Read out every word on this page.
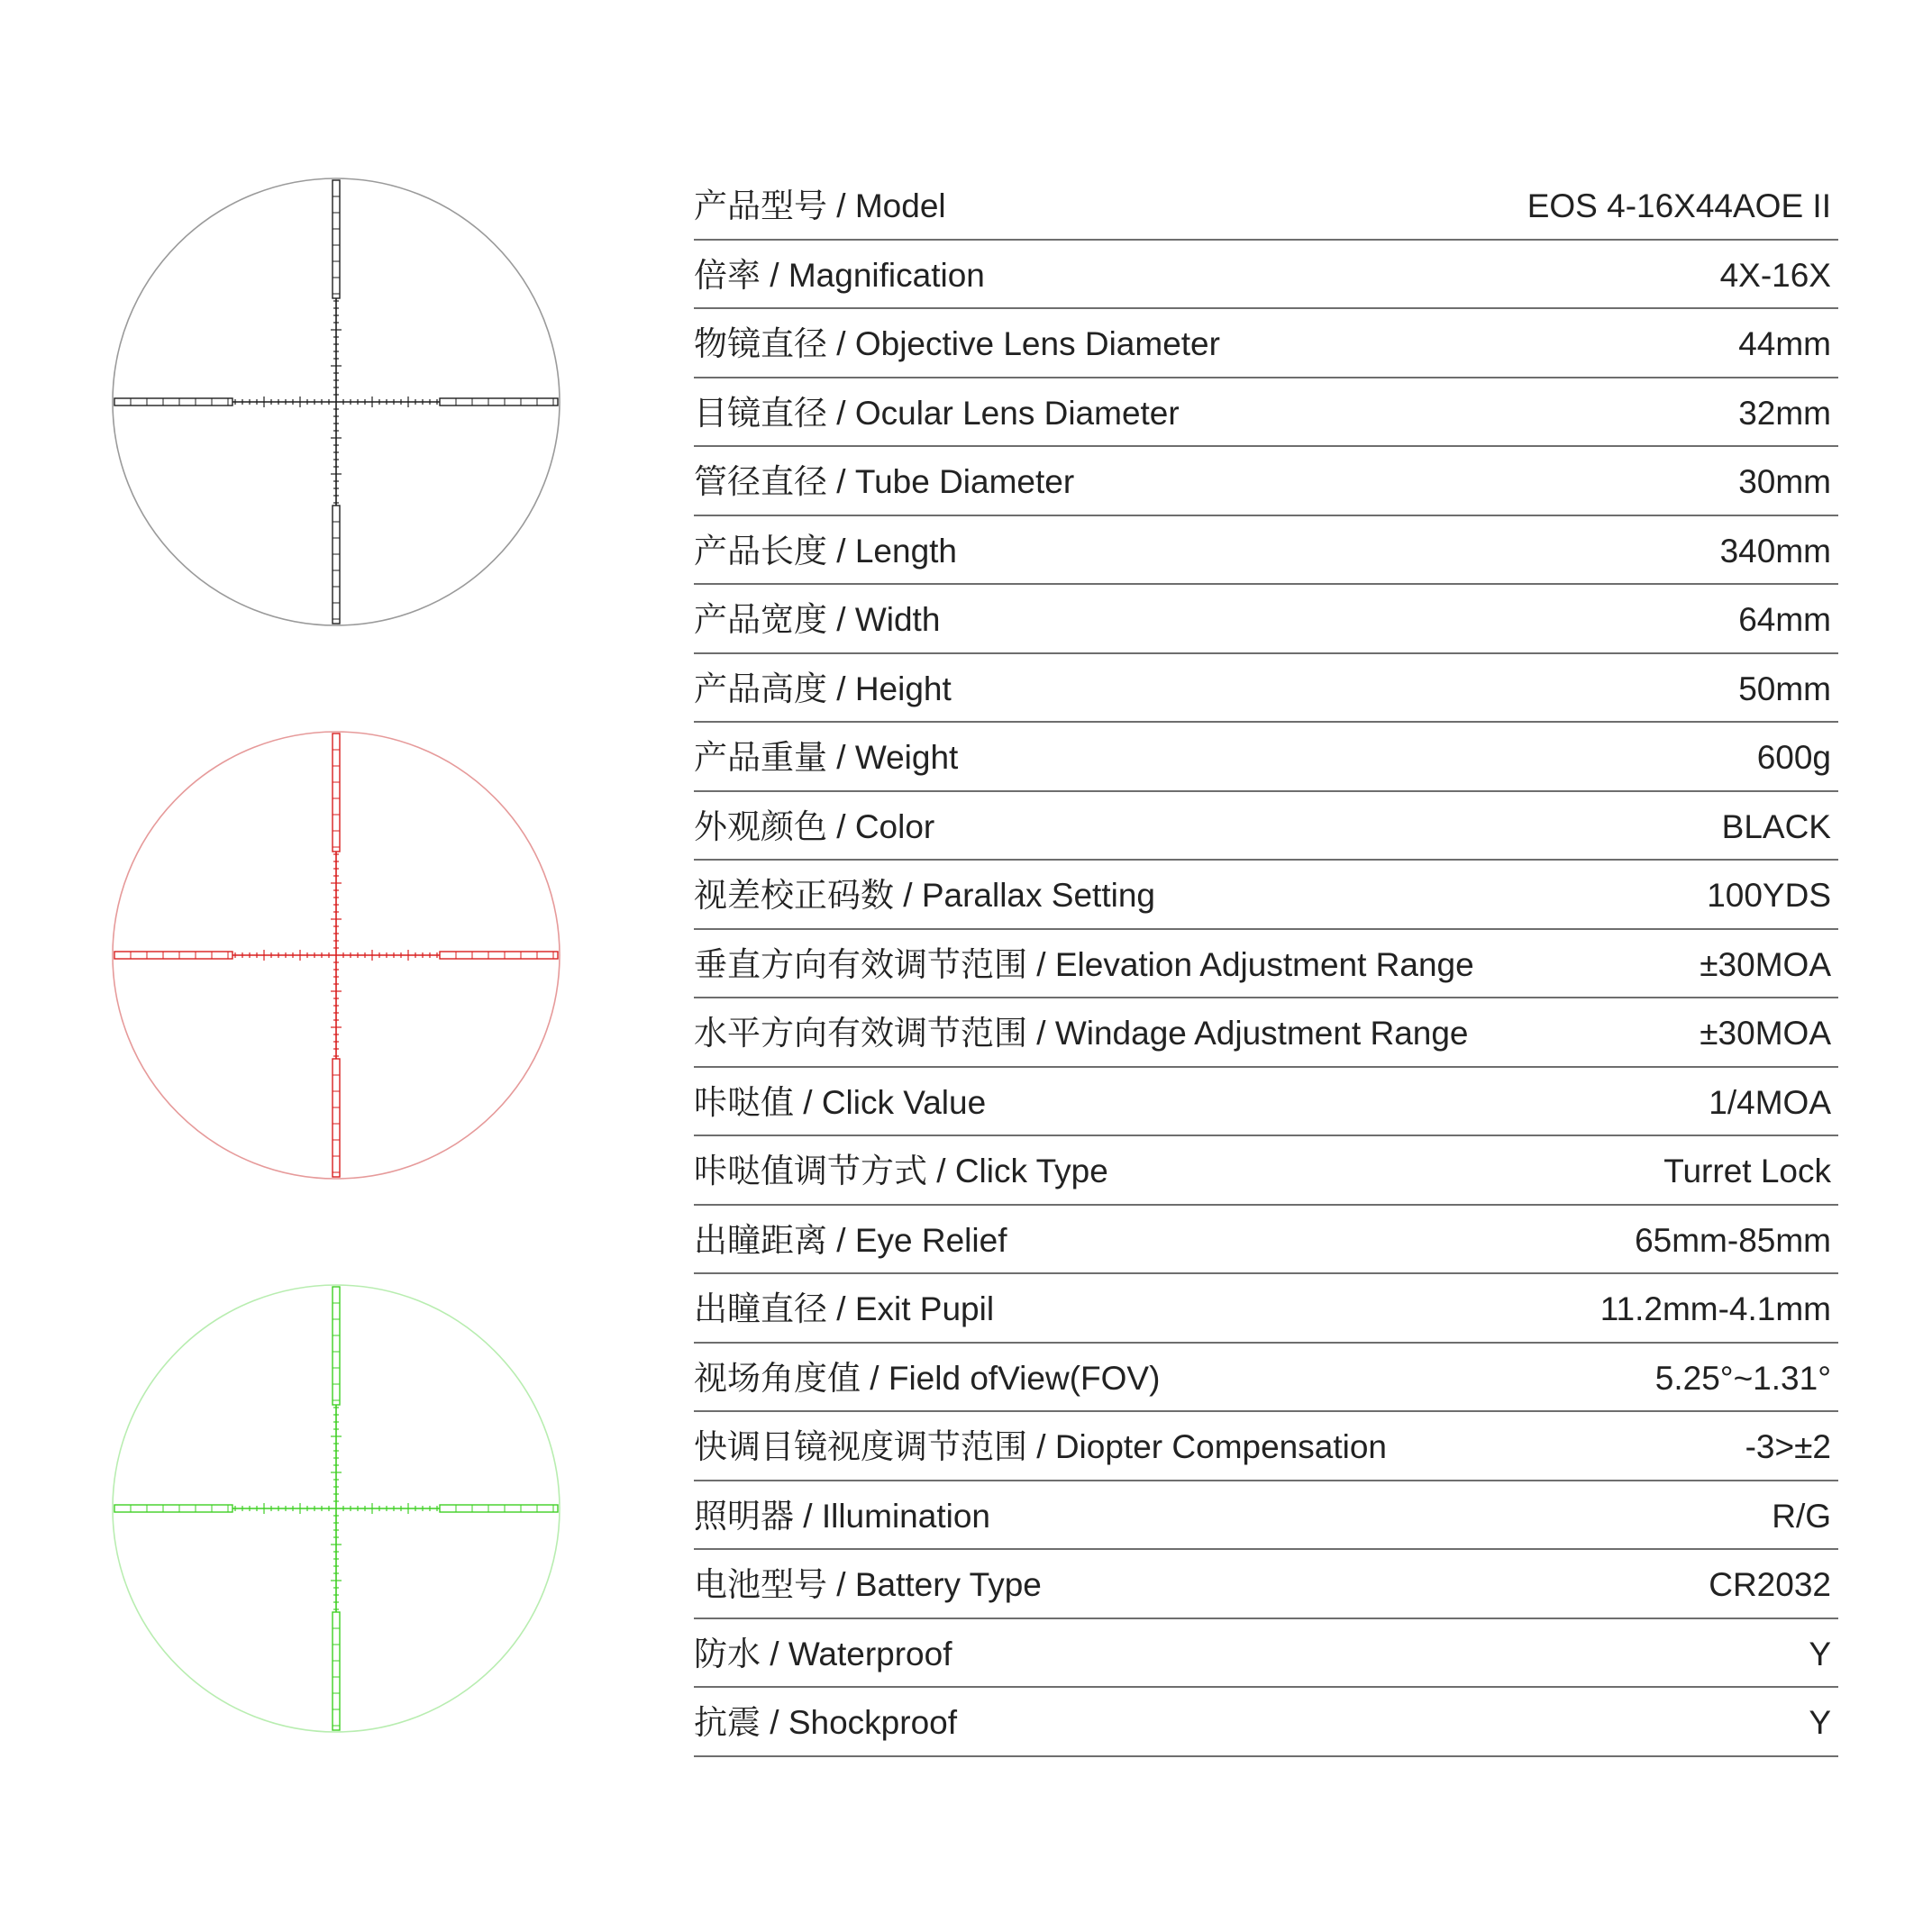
产品型号 / Model	EOS 4-16X44AOE II
倍率 / Magnification	4X-16X
物镜直径 / Objective Lens Diameter	44mm
目镜直径 / Ocular Lens Diameter	32mm
管径直径 / Tube Diameter	30mm
产品长度 / Length	340mm
产品宽度 / Width	64mm
产品高度 / Height	50mm
产品重量 / Weight	600g
外观颜色 / Color	BLACK
视差校正码数 / Parallax Setting	100YDS
垂直方向有效调节范围 / Elevation Adjustment Range	±30MOA
水平方向有效调节范围 / Windage Adjustment Range	±30MOA
咔哒值 / Click Value	1/4MOA
咔哒值调节方式 / Click Type	Turret Lock
出瞳距离 / Eye Relief	65mm-85mm
出瞳直径 / Exit Pupil	11.2mm-4.1mm
视场角度值 / Field ofView(FOV)	5.25°~1.31°
快调目镜视度调节范围 / Diopter Compensation	-3>±2
照明器 / Illumination	R/G
电池型号 / Battery Type	CR2032
防水 / Waterproof	Y
抗震 / Shockproof	Y
